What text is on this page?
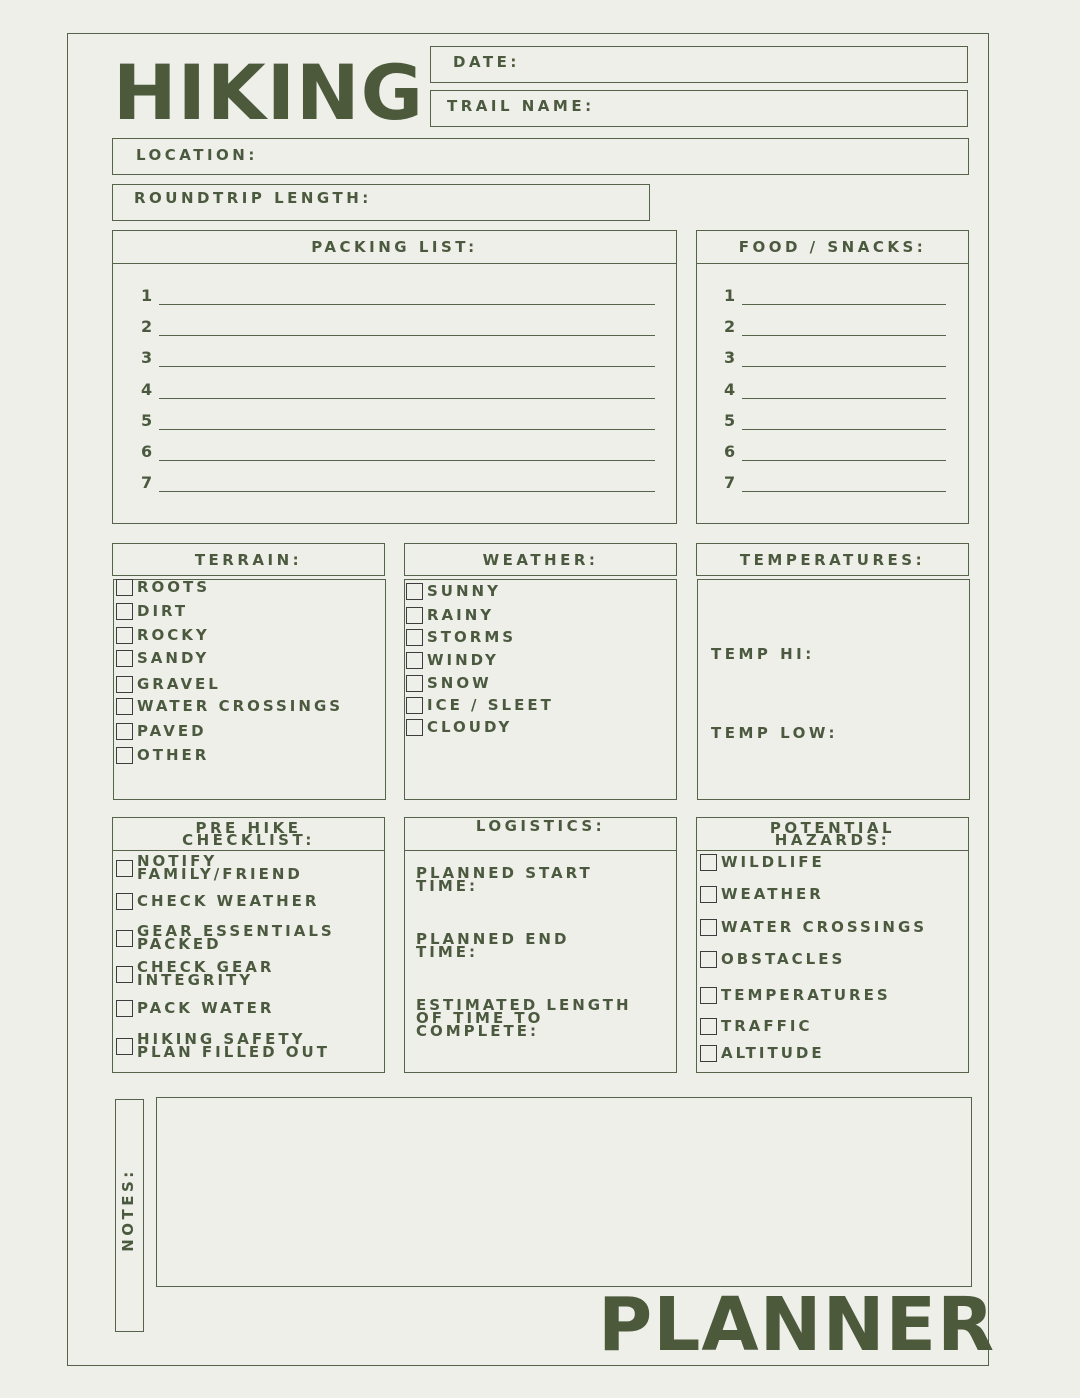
HIKING DATE:
TRAIL NAME:
LOCATION:
ROUNDTRIP LENGTH:
PACKING LIST:
1
2
3
4
5
6
7
FOOD / SNACKS:
1
2
3
4
5
6
7
TERRAIN:
ROOTS
DIRT
ROCKY
SANDY
GRAVEL
WATER CROSSINGS
PAVED
OTHER
WEATHER:
SUNNY
RAINY
STORMS
WINDY
SNOW
ICE / SLEET
CLOUDY
TEMPERATURES:
TEMP HI:
TEMP LOW:
PRE HIKE
CHECKLIST:
NOTIFY
FAMILY/FRIEND
CHECK WEATHER
GEAR ESSENTIALS
PACKED
CHECK GEAR
INTEGRITY
PACK WATER
HIKING SAFETY
PLAN FILLED OUT
LOGISTICS:
PLANNED START
TIME:
PLANNED END
TIME:
ESTIMATED LENGTH
OF TIME TO
COMPLETE:
POTENTIAL
HAZARDS:
WILDLIFE
WEATHER
WATER CROSSINGS
OBSTACLES
TEMPERATURES
TRAFFIC
ALTITUDE
NOTES:
PLANNER
